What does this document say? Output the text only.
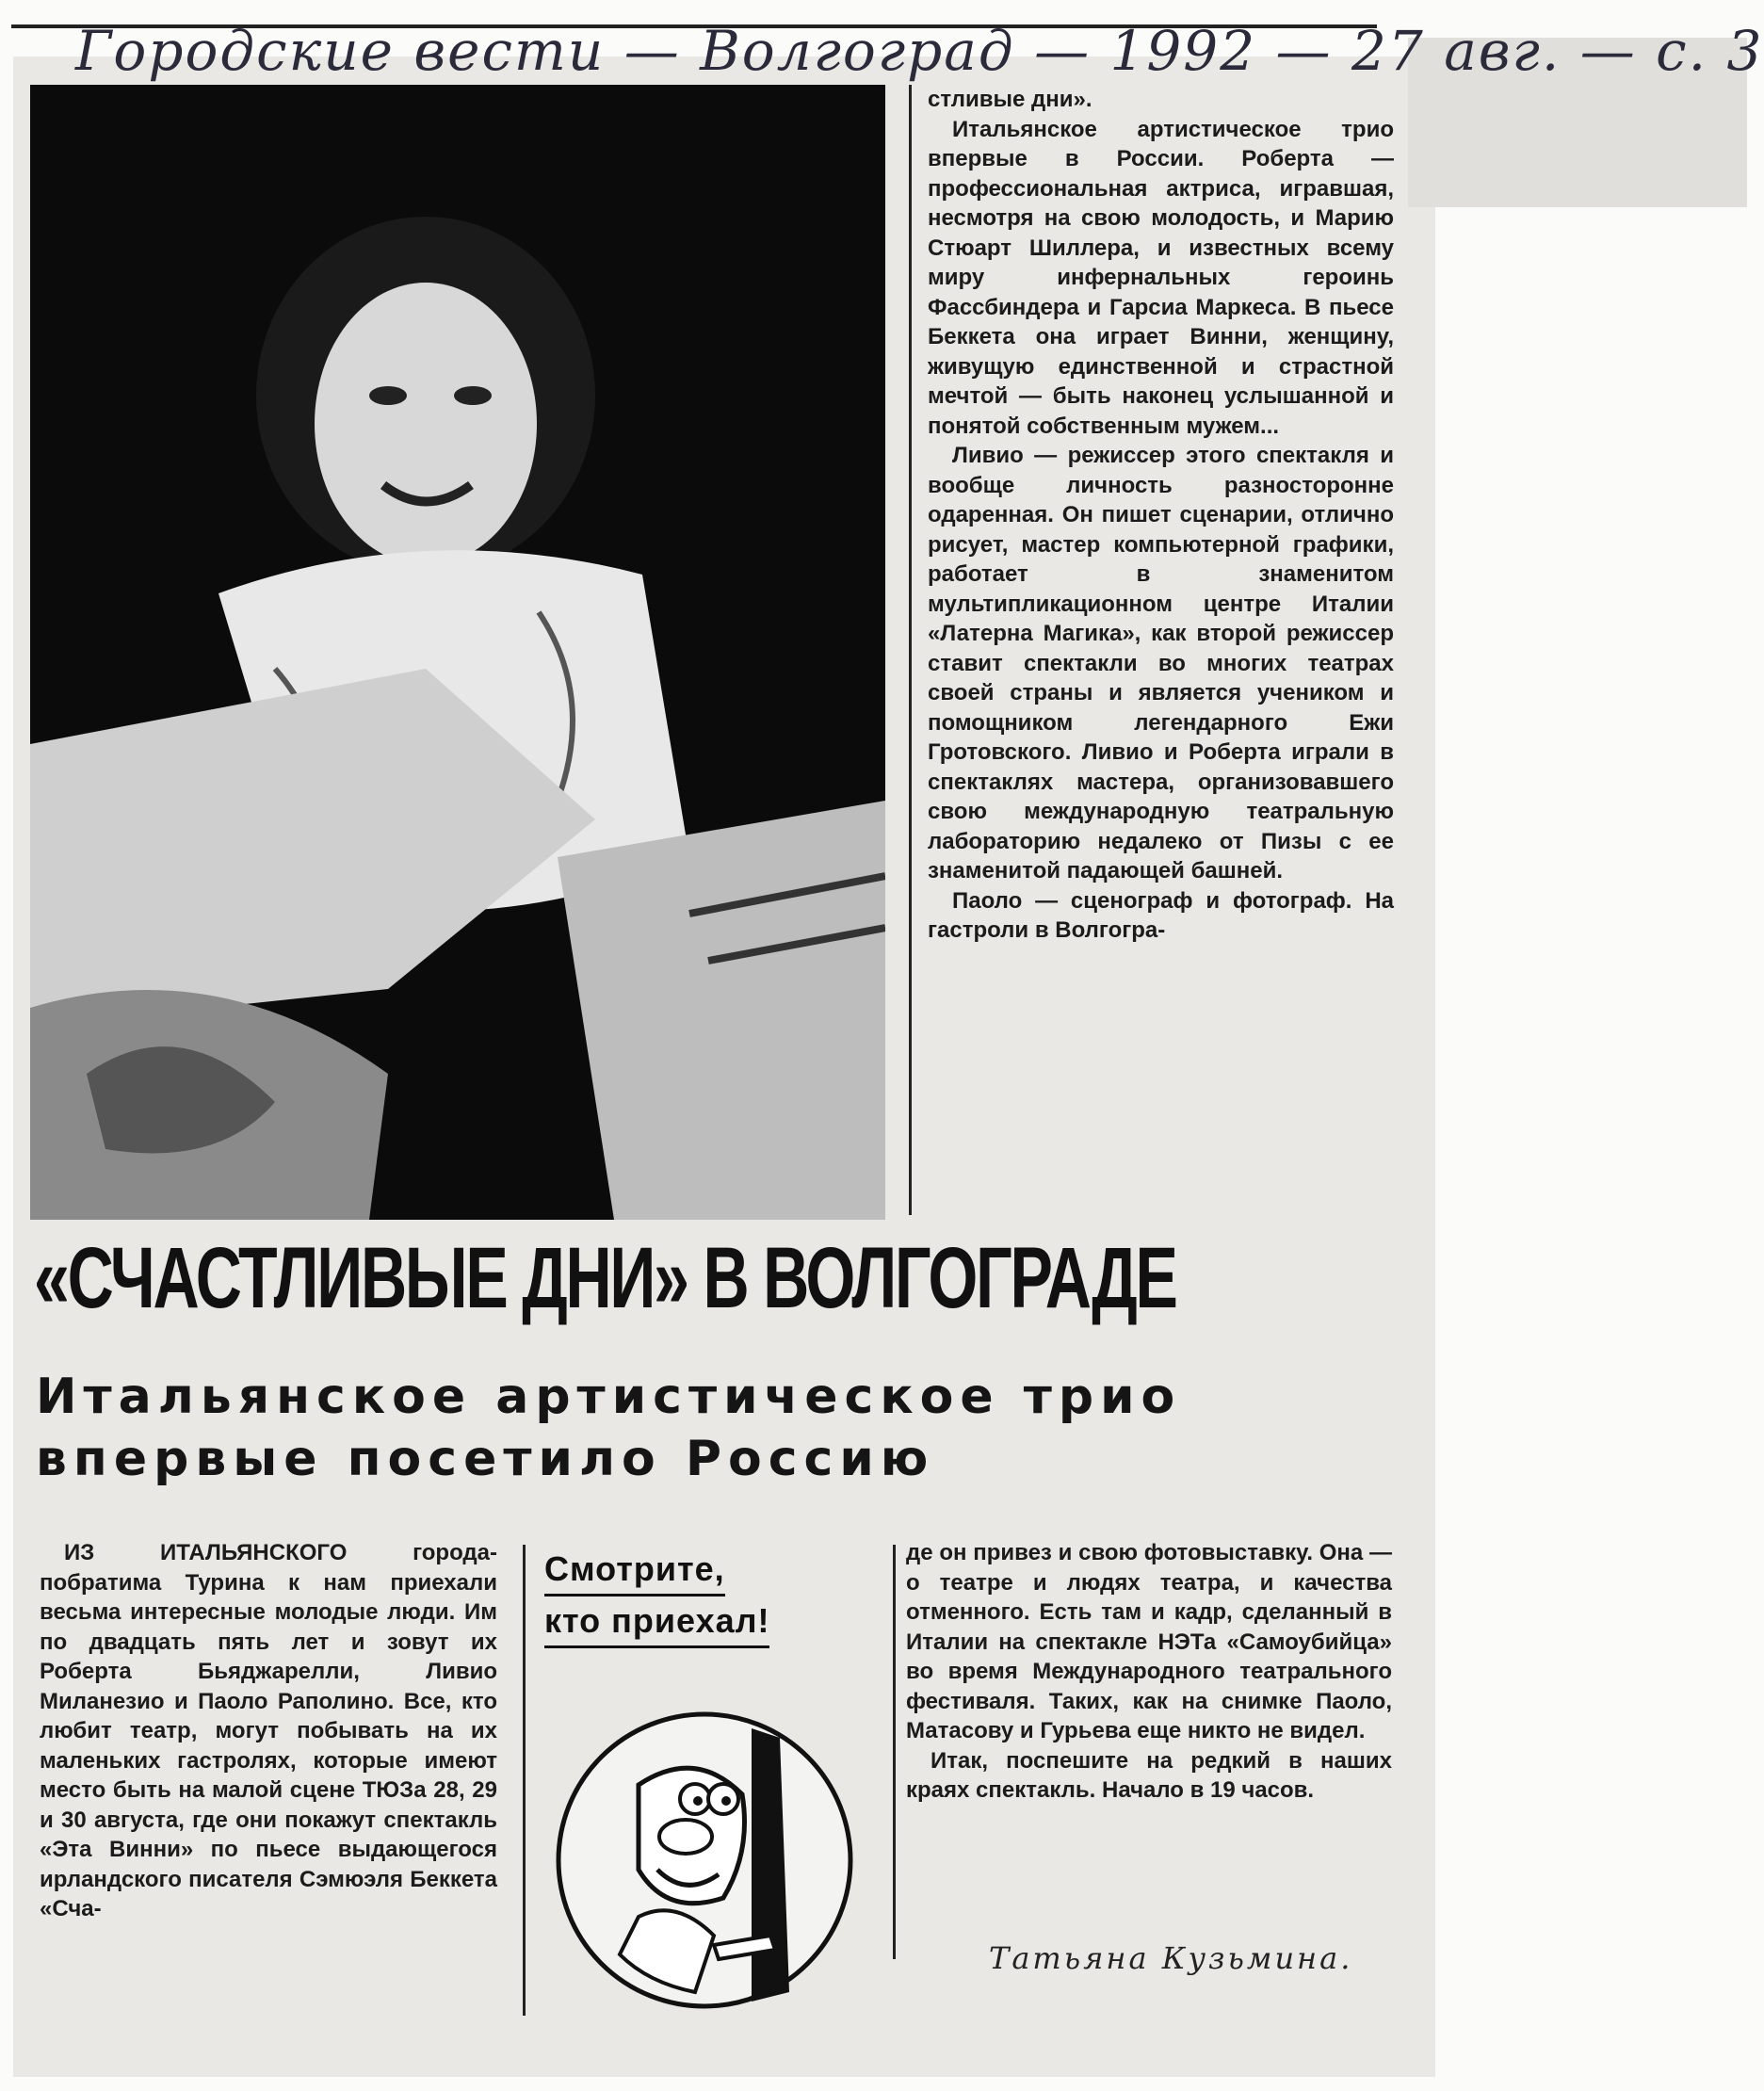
Городские вести — Волгоград — 1992 — 27 авг. — с. 3

стливые дни».

Итальянское артистическое трио впервые в России. Роберта — профессиональная актриса, игравшая, несмотря на свою молодость, и Марию Стюарт Шиллера, и известных всему миру инфернальных героинь Фассбиндера и Гарсиа Маркеса. В пьесе Беккета она играет Винни, женщину, живущую единственной и страстной мечтой — быть наконец услышанной и понятой собственным мужем...

Ливио — режиссер этого спектакля и вообще личность разносторонне одаренная. Он пишет сценарии, отлично рисует, мастер компьютерной графики, работает в знаменитом мультипликационном центре Италии «Латерна Магика», как второй режиссер ставит спектакли во многих театрах своей страны и является учеником и помощником легендарного Ежи Гротовского. Ливио и Роберта играли в спектаклях мастера, организовавшего свою международную театральную лабораторию недалеко от Пизы с ее знаменитой падающей башней.

Паоло — сценограф и фотограф. На гастроли в Волгогра-

«СЧАСТЛИВЫЕ ДНИ» В ВОЛГОГРАДЕ
Итальянское артистическое трио
впервые посетило Россию

ИЗ ИТАЛЬЯНСКОГО города-побратима Турина к нам приехали весьма интересные молодые люди. Им по двадцать пять лет и зовут их Роберта Бьяджарелли, Ливио Миланезио и Паоло Раполино. Все, кто любит театр, могут побывать на их маленьких гастролях, которые имеют место быть на малой сцене ТЮЗа 28, 29 и 30 августа, где они покажут спектакль «Эта Винни» по пьесе выдающегося ирландского писателя Сэмюэля Беккета «Сча-

Смотрите,
кто приехал!

де он привез и свою фотовыставку. Она — о театре и людях театра, и качества отменного. Есть там и кадр, сделанный в Италии на спектакле НЭТа «Самоубийца» во время Международного театрального фестиваля. Таких, как на снимке Паоло, Матасову и Гурьева еще никто не видел.

Итак, поспешите на редкий в наших краях спектакль. Начало в 19 часов.

Татьяна Кузьмина.
